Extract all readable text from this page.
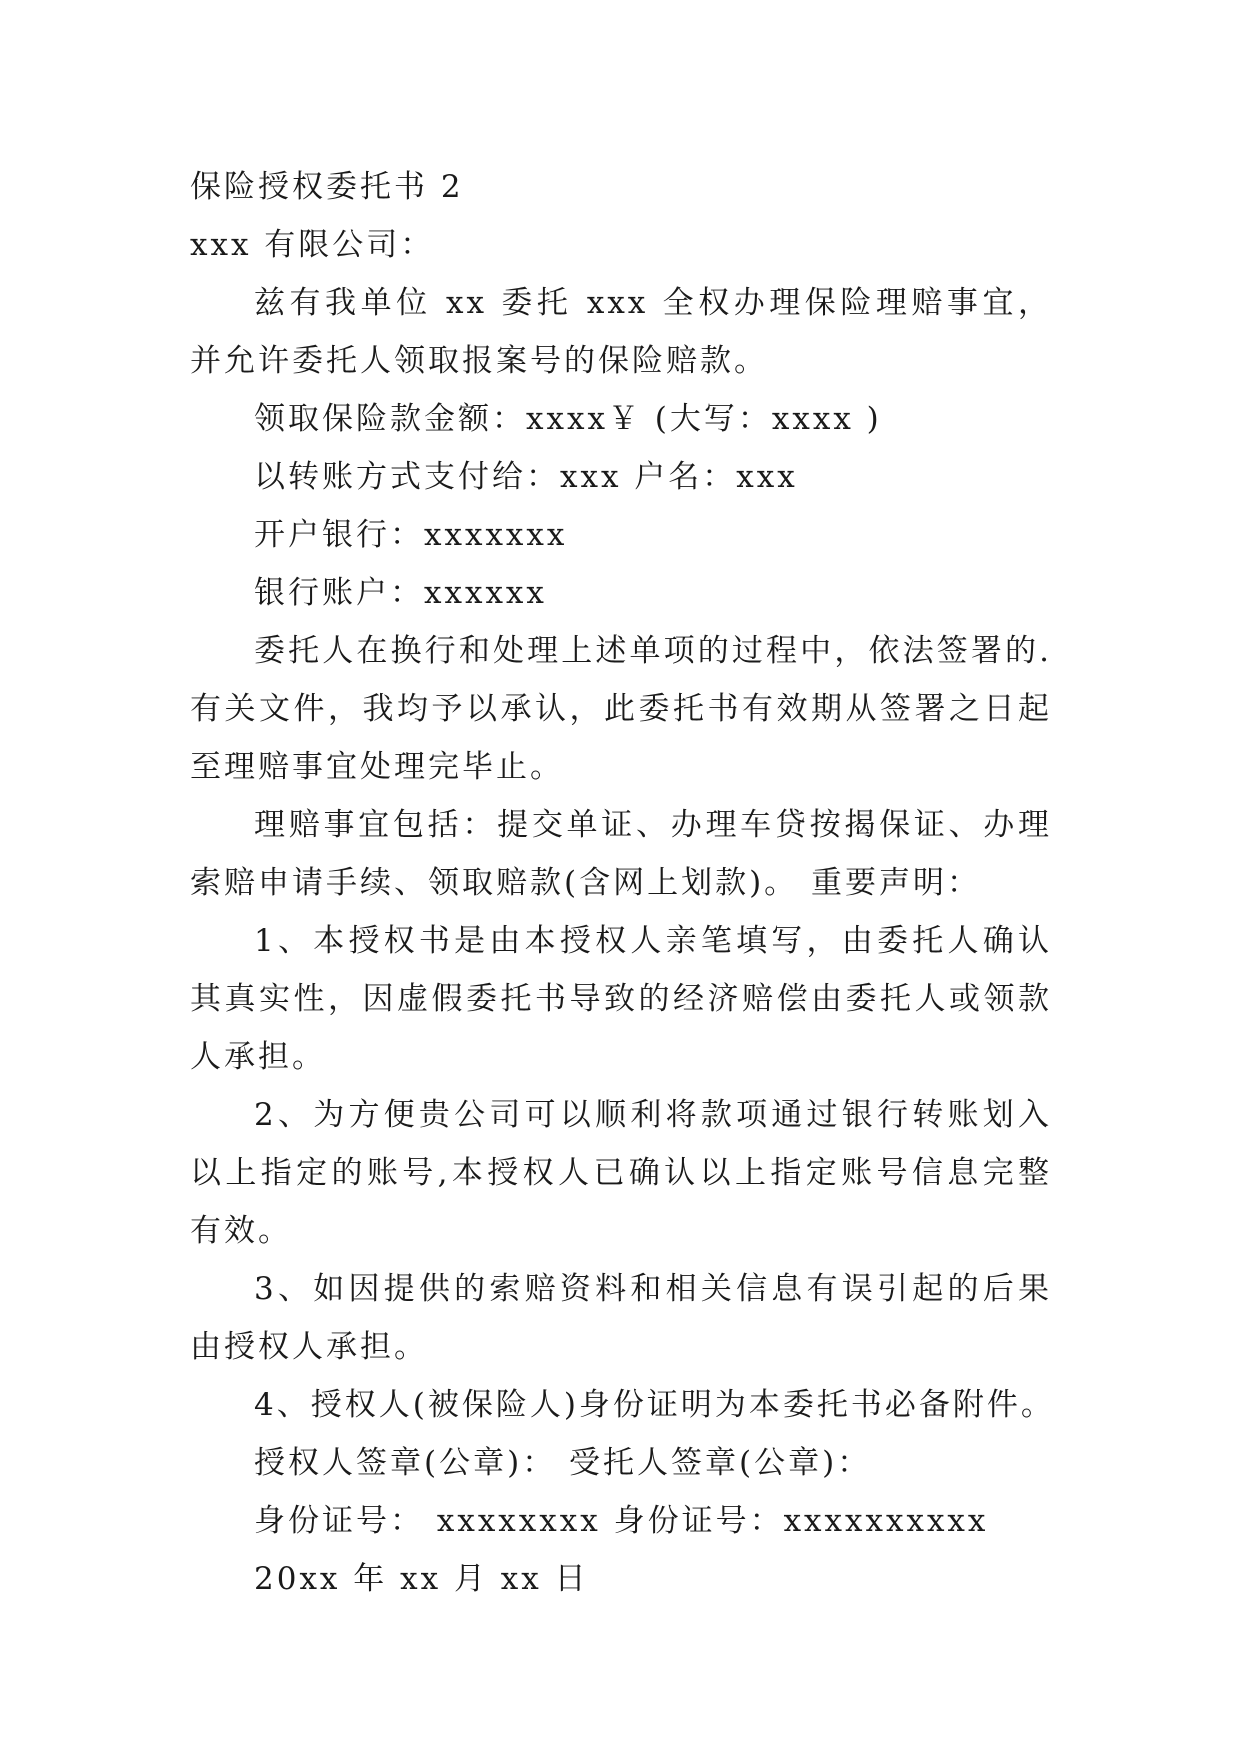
保险授权委托书 2

xxx 有限公司：

兹有我单位 xx 委托 xxx 全权办理保险理赔事宜，并允许委托人领取报案号的保险赔款。

领取保险款金额：xxxx￥ (大写：xxxx )

以转账方式支付给：xxx 户名：xxx

开户银行：xxxxxxx

银行账户：xxxxxx

委托人在换行和处理上述单项的过程中，依法签署的.有关文件，我均予以承认，此委托书有效期从签署之日起至理赔事宜处理完毕止。

理赔事宜包括：提交单证、办理车贷按揭保证、办理索赔申请手续、领取赔款(含网上划款)。 重要声明：

1、本授权书是由本授权人亲笔填写，由委托人确认其真实性，因虚假委托书导致的经济赔偿由委托人或领款人承担。

2、为方便贵公司可以顺利将款项通过银行转账划入以上指定的账号,本授权人已确认以上指定账号信息完整有效。

3、如因提供的索赔资料和相关信息有误引起的后果由授权人承担。

4、授权人(被保险人)身份证明为本委托书必备附件。

授权人签章(公章)： 受托人签章(公章)：

身份证号： xxxxxxxx 身份证号：xxxxxxxxxx

20xx 年 xx 月 xx 日
